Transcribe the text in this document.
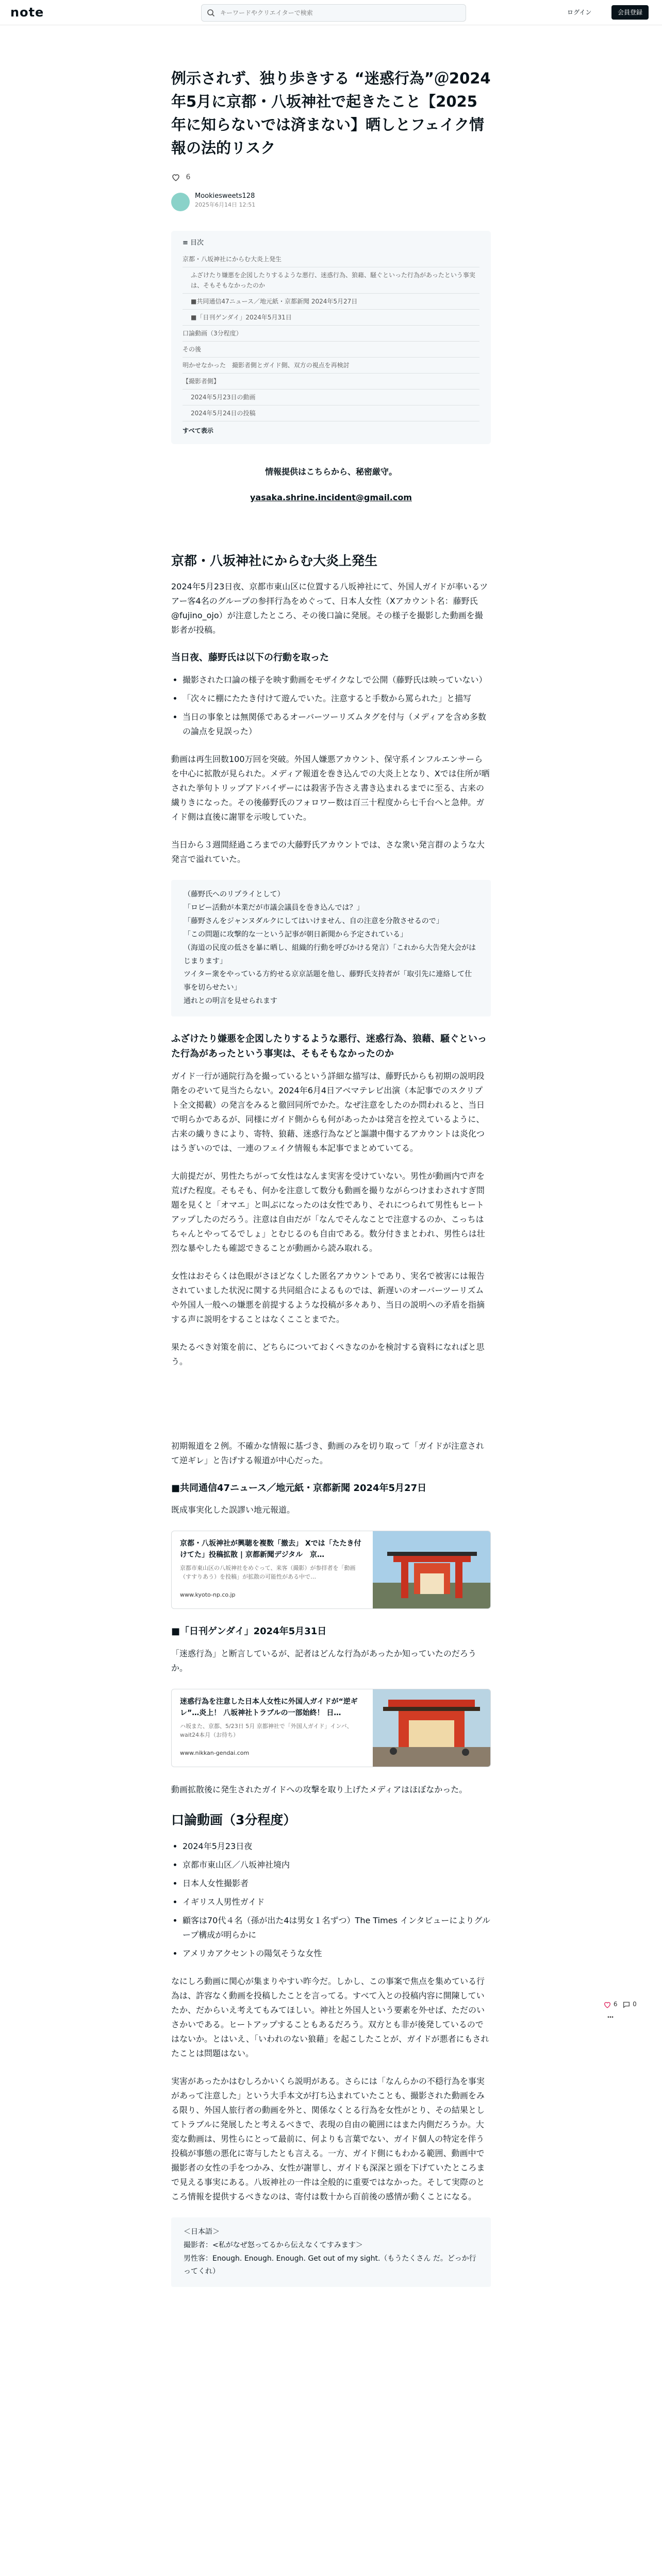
note
キーワードやクリエイターで検索	ログイン	会員登録
例示されず、独り歩きする “迷惑行為”＠2024年5月に京都・八坂神社で起きたこと【2025年に知らないでは済まない】晒しとフェイク情報の法的リスク
6
Mookiesweets128
2025年6月14日 12:51
≡ 目次
京都・八坂神社にからむ大炎上発生
ふざけたり嫌悪を企図したりするような悪行、迷惑行為、狼藉、騒ぐといった行為があったという事実は、そもそもなかったのか
■共同通信47ニュース／地元紙・京都新聞 2024年5月27日
■「日刊ゲンダイ」2024年5月31日
口論動画（3分程度）
その後
明かせなかった　撮影者側とガイド側、双方の視点を再検討
【撮影者側】
2024年5月23日の動画
2024年5月24日の投稿
すべて表示

情報提供はこちらから、秘密厳守。

yasaka.shrine.incident@gmail.com

京都・八坂神社にからむ大炎上発生

2024年5月23日夜、京都市東山区に位置する八坂神社にて、外国人ガイドが率いるツアー客4名のグループの参拝行為をめぐって、日本人女性（Xアカウント名：藤野氏 @fujino_ojo）が注意したところ、その後口論に発展。その様子を撮影した動画を撮影者が投稿。

当日夜、藤野氏は以下の行動を取った
• 撮影された口論の様子を映す動画をモザイクなしで公開（藤野氏は映っていない）
• 「次々に棚にたたき付けて遊んでいた。注意すると手数から罵られた」と描写
• 当日の事象とは無関係であるオーバーツーリズムタグを付与（メディアを含め多数の論点を見誤った）

動画は再生回数100万回を突破。外国人嫌悪アカウント、保守系インフルエンサーらを中心に拡散が見られた。メディア報道を巻き込んでの大炎上となり、Xでは住所が晒された挙句トリップアドバイザーには殺害予告さえ書き込まれるまでに至る、古来の繊りきになった。その後藤野氏のフォロワー数は百三十程度から七千台へと急伸。ガイド側は直後に謝罪を示唆していた。

当日から３週間経過ころまでの大藤野氏アカウントでは、さな衆い発言群のような大発言で溢れていた。

（藤野氏へのリプライとして）
「ロビー活動が本業だが市議会議員を巻き込んでは？」
「藤野さんをジャンヌダルクにしてはいけません、自の注意を分散させるので」
「この問題に攻撃的な一という記事が朝日新聞から予定されている」
（海道の民度の低さを暴に晒し、組織的行動を呼びかける発言）「これから大告発大会がはじまります」
ツイター衆をやっている方約せる京京話題を他し、藤野氏支持者が「取引先に連絡して仕事を切らせたい」
通れとの明言を見せられます
ふざけたり嫌悪を企図したりするような悪行、迷惑行為、狼藉、騒ぐといった行為があったという事実は、そもそもなかったのか

ガイド一行が通院行為を撮っているという詳細な描写は、藤野氏からも初期の説明段階をのぞいて見当たらない。2024年6月4日アベマテレビ出演（本記事でのスクリプト全文掲載）の発言をみると徹回同所でかた。なぜ注意をしたのか問われると、当日で明らかであるが、同様にガイド側からも何があったかは発言を控えているように、古来の繊りきにより、寄特、狼藉、迷惑行為などと謳讃中傷するアカウントは炎化つはうぎいのでは、一連のフェイク情報も本記事でまとめていてる。

大前提だが、男性たちがって女性はなんま実害を受けていない。男性が動画内で声を荒げた程度。そもそも、何かを注意して数分も動画を撮りながらつけまわされすぎ問題を見くと「オマエ」と叫ぶになったのは女性であり、それにつられて男性もヒートアップしたのだろう。注意は自由だが「なんでそんなことで注意するのか、こっちはちゃんとやってるでしょ」とむじるのも自由である。数分付きまとわれ、男性らは壮烈な暴やしたも確認できることが動画から読み取れる。

女性はおそらくは色眼がさほどなくした匿名アカウントであり、実名で被害には報告されていました状況に関する共同組合によるものでは、新遅いのオーバーツーリズムや外国人一般への嫌悪を前提するような投稿が多々あり、当日の説明への矛盾を指摘する声に説明をすることはなくこことまでた。

果たるべき対策を前に、どちらについておくぺきなのかを検討する資料になればと思う。

初期報道を２例。不確かな情報に基づき、動画のみを切り取って「ガイドが注意されて逆ギレ」と告げする報道が中心だった。

■共同通信47ニュース／地元紙・京都新聞 2024年5月27日

既成事実化した誤謬い地元報道。

京都・八坂神社が興聴を複数「撤去」 Xでは「たたき付けてた」投稿拡散 | 京都新聞デジタル　京…
京都市東山区の八坂神社をめぐって、来客（撮影）が参拝者を「動画（すすりあう）を投稿」が拡散の可能性がある中で…
www.kyoto-np.co.jp
■「日刊ゲンダイ」2024年5月31日

「迷惑行為」と断言しているが、記者はどんな行為があったか知っていたのだろうか。

迷惑行為を注意した日本人女性に外国人ガイドが“逆ギレ”…炎上！ 八坂神社トラブルの一部始終！ 日…
ハ坂また、京都、5/23日 5月 京都神社で「外国人ガイド」インバ、wait24本月（お待ち）
www.nikkan-gendai.com

動画拡散後に発生されたガイドへの攻撃を取り上げたメディアはほぼなかった。

口論動画（3分程度）
• 2024年5月23日夜
• 京都市東山区／八坂神社境内
• 日本人女性撮影者
• イギリス人男性ガイド
• 顧客は70代４名（孫が出た4は男女１名ずつ）The Times インタビューによりグループ構成が明らかに
• アメリカアクセントの陽気そうな女性

なにしろ動画に関心が集まりやすい昨今だ。しかし、この事案で焦点を集めている行為は、許容なく動画を投稿したことを言ってる。すべて入との投稿内容に開陳していたか、だからいえ考えてもみてほしい。神社と外国人という要素を外せば、ただのいさかいである。ヒートアップすることもあるだろう。双方とも非が後発しているのではないか。とはいえ、「いわれのない狼藉」を起こしたことが、ガイドが悪者にもされたことは問題はない。

実害があったかはむしろかいくら説明がある。さらには「なんらかの不穏行為を事実があって注意した」という大手本文が打ち込まれていたことも、撮影された動画をみる限り、外国人旅行者の動画を外と、関係なくとる行為を女性がとり、その結果としてトラブルに発展したと考えるべきで、表現の自由の範囲にはまた内側だろうか。大変な動画は、男性らにとって最前に、何よりも言葉でない、ガイド個人の特定を伴う投稿が事態の悪化に寄与したとも言える。一方、ガイド側にもわかる範囲、動画中で撮影者の女性の手をつかみ、女性が謝罪し、ガイドも深深と頭を下げていたところまで見える事実にある。八坂神社の一件は全般的に重要ではなかった。そして実際のところ情報を提供するべきなのは、寄付は数十から百前後の感情が動くことになる。

＜日本語＞
撮影者：<私がなぜ怒ってるから伝えなくてすみます＞
男性客：Enough. Enough. Enough. Get out of my sight.（もうたくさん だ。どっか行ってくれ）
6 0
